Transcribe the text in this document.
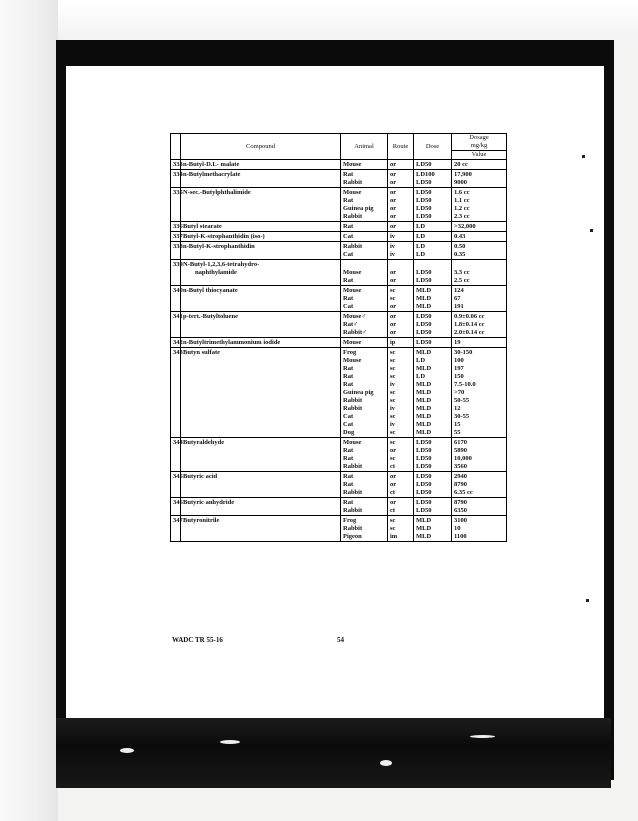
	Compound	Animal	Route	Dose	Dosage
					mg/kg
					Value
333	n-Butyl-D.L- malate	Mouse	or	LD50	20 cc
334	n-Butylmethacrylate	Rat	or	LD100	17,900
		Rabbit	or	LD50	9000
335	N-sec.-Butylphthalimide	Mouse	or	LD50	1.6 cc
		Rat	or	LD50	1.1 cc
		Guinea pig	or	LD50	1.2 cc
		Rabbit	or	LD50	2.3 cc
336	Butyl stearate	Rat	or	LD	>32,000
337	Butyl-K-strophanthidin (iso-)	Cat	iv	LD	0.43
338	n-Butyl-K-strophanthidin	Rabbit	iv	LD	0.50
		Cat	iv	LD	0.35
339	N-Butyl-1,2,3,6-tetrahydro-				
	naphthylamide	Mouse	or	LD50	3.3 cc
		Rat	or	LD50	2.5 cc
340	n-Butyl thiocyanate	Mouse	sc	MLD	124
		Rat	sc	MLD	67
		Cat	or	MLD	191
341	p-tert.-Butyltoluene	Mouse♂	or	LD50	0.9±0.06 cc
		Rat♂	or	LD50	1.8±0.14 cc
		Rabbit♂	or	LD50	2.0±0.14 cc
342	n-Butyltrimethylammonium iodide	Mouse	ip	LD50	19
343	Butyn sulfate	Frog	sc	MLD	30-150
		Mouse	sc	LD	100
		Rat	sc	MLD	197
		Rat	sc	LD	150
		Rat	iv	MLD	7.5-10.0
		Guinea pig	sc	MLD	>70
		Rabbit	sc	MLD	50-55
		Rabbit	iv	MLD	12
		Cat	sc	MLD	30-55
		Cat	iv	MLD	15
		Dog	sc	MLD	55
344	Butyraldehyde	Mouse	sc	LD50	6170
		Rat	or	LD50	5890
		Rat	sc	LD50	10,000
		Rabbit	ct	LD50	3560
345	Butyric acid	Rat	or	LD50	2940
		Rat	or	LD50	8790
		Rabbit	ct	LD50	6.35 cc
346	Butyric anhydride	Rat	or	LD50	8790
		Rabbit	ct	LD50	6350
347	Butyronitrile	Frog	sc	MLD	3100
		Rabbit	sc	MLD	10
		Pigeon	im	MLD	1100
WADC TR 55-16	54
